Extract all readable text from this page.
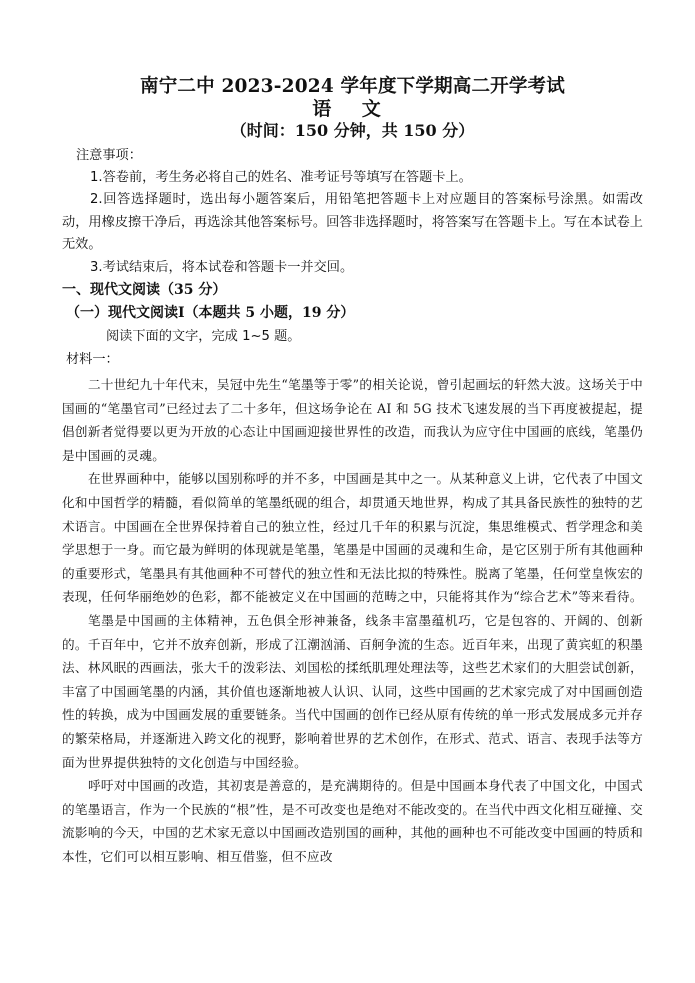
南宁二中 2023-2024 学年度下学期高二开学考试

语 文

（时间：150 分钟，共 150 分）

注意事项：

1.答卷前，考生务必将自己的姓名、准考证号等填写在答题卡上。

2.回答选择题时，选出每小题答案后，用铅笔把答题卡上对应题目的答案标号涂黑。如需改动，用橡皮擦干净后，再选涂其他答案标号。回答非选择题时，将答案写在答题卡上。写在本试卷上无效。

3.考试结束后，将本试卷和答题卡一并交回。

一、现代文阅读（35 分）

（一）现代文阅读Ⅰ（本题共 5 小题，19 分）

阅读下面的文字，完成 1~5 题。

材料一：

二十世纪九十年代末，吴冠中先生“笔墨等于零”的相关论说，曾引起画坛的轩然大波。这场关于中国画的“笔墨官司”已经过去了二十多年，但这场争论在 AI 和 5G 技术飞速发展的当下再度被提起，提倡创新者觉得要以更为开放的心态让中国画迎接世界性的改造，而我认为应守住中国画的底线，笔墨仍是中国画的灵魂。

在世界画种中，能够以国别称呼的并不多，中国画是其中之一。从某种意义上讲，它代表了中国文化和中国哲学的精髓，看似简单的笔墨纸砚的组合，却贯通天地世界，构成了其具备民族性的独特的艺术语言。中国画在全世界保持着自己的独立性，经过几千年的积累与沉淀，集思维模式、哲学理念和美学思想于一身。而它最为鲜明的体现就是笔墨，笔墨是中国画的灵魂和生命，是它区别于所有其他画种的重要形式，笔墨具有其他画种不可替代的独立性和无法比拟的特殊性。脱离了笔墨，任何堂皇恢宏的表现，任何华丽绝妙的色彩，都不能被定义在中国画的范畴之中，只能将其作为“综合艺术”等来看待。

笔墨是中国画的主体精神，五色俱全形神兼备，线条丰富墨蕴机巧，它是包容的、开阔的、创新的。千百年中，它并不放弃创新，形成了江潮汹涌、百舸争流的生态。近百年来，出现了黄宾虹的积墨法、林风眠的西画法，张大千的泼彩法、刘国松的揉纸肌理处理法等，这些艺术家们的大胆尝试创新，丰富了中国画笔墨的内涵，其价值也逐渐地被人认识、认同，这些中国画的艺术家完成了对中国画创造性的转换，成为中国画发展的重要链条。当代中国画的创作已经从原有传统的单一形式发展成多元并存的繁荣格局，并逐渐进入跨文化的视野，影响着世界的艺术创作，在形式、范式、语言、表现手法等方面为世界提供独特的文化创造与中国经验。

呼吁对中国画的改造，其初衷是善意的，是充满期待的。但是中国画本身代表了中国文化，中国式的笔墨语言，作为一个民族的“根”性，是不可改变也是绝对不能改变的。在当代中西文化相互碰撞、交流影响的今天，中国的艺术家无意以中国画改造别国的画种，其他的画种也不可能改变中国画的特质和本性，它们可以相互影响、相互借鉴，但不应改
